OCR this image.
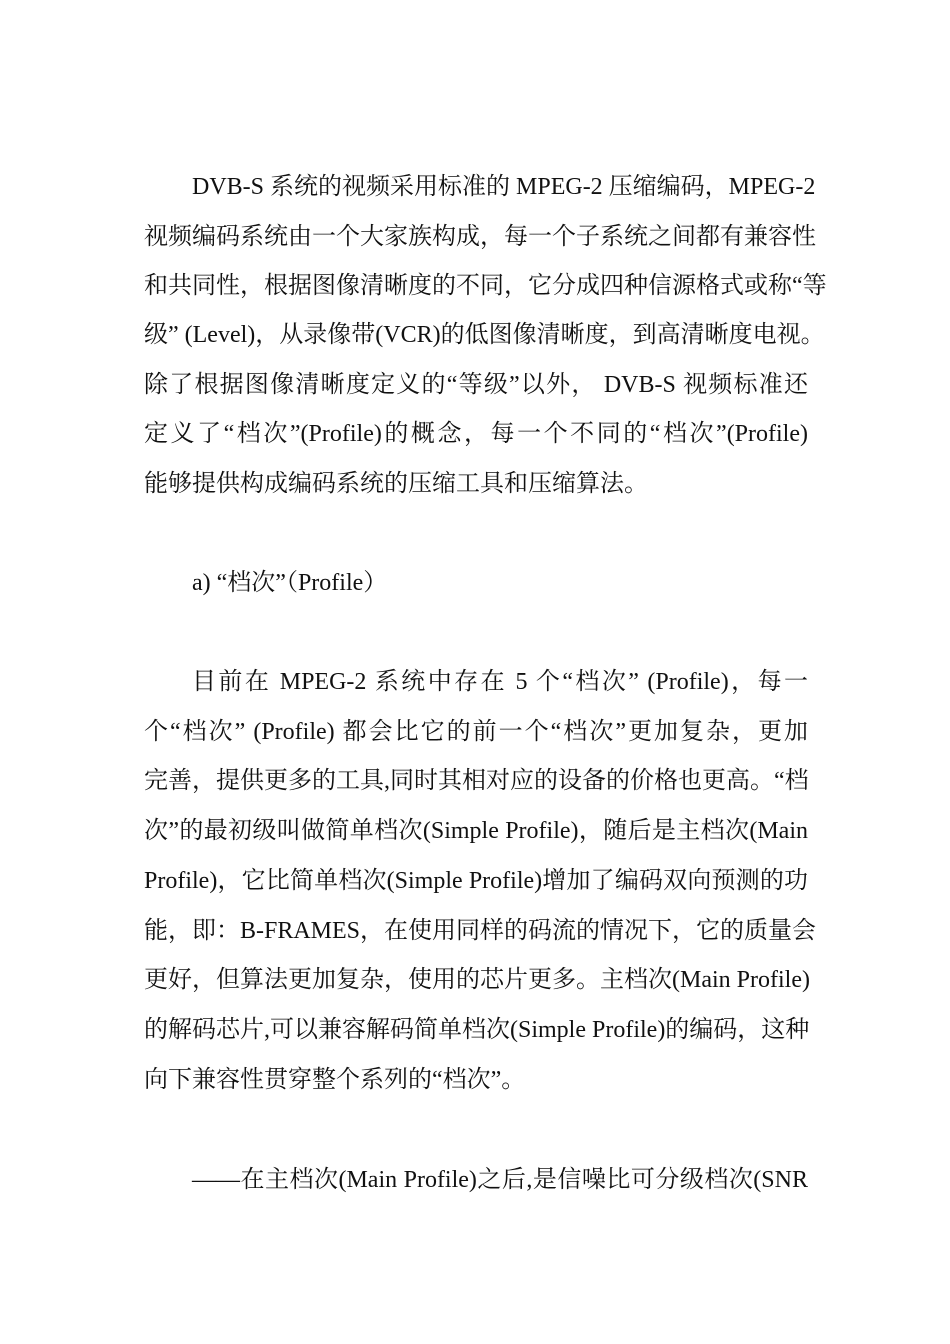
DVB-S 系统的视频采用标准的 MPEG-2 压缩编码，MPEG-2
视频编码系统由一个大家族构成，每一个子系统之间都有兼容性
和共同性，根据图像清晰度的不同，它分成四种信源格式或称“等
级” (Level)，从录像带(VCR)的低图像清晰度，到高清晰度电视。
除了根据图像清晰度定义的“等级”以外， DVB-S 视频标准还
定义了“档次”(Profile)的概念，每一个不同的“档次”(Profile)
能够提供构成编码系统的压缩工具和压缩算法。
a) “档次”（Profile）
目前在 MPEG-2 系统中存在 5 个“档次” (Profile)，每一
个“档次” (Profile) 都会比它的前一个“档次”更加复杂，更加
完善，提供更多的工具,同时其相对应的设备的价格也更高。“档
次”的最初级叫做简单档次(Simple Profile)，随后是主档次(Main
Profile)，它比简单档次(Simple Profile)增加了编码双向预测的功
能，即：B-FRAMES，在使用同样的码流的情况下，它的质量会
更好，但算法更加复杂，使用的芯片更多。主档次(Main Profile)
的解码芯片,可以兼容解码简单档次(Simple Profile)的编码，这种
向下兼容性贯穿整个系列的“档次”。
——在主档次(Main Profile)之后,是信噪比可分级档次(SNR
